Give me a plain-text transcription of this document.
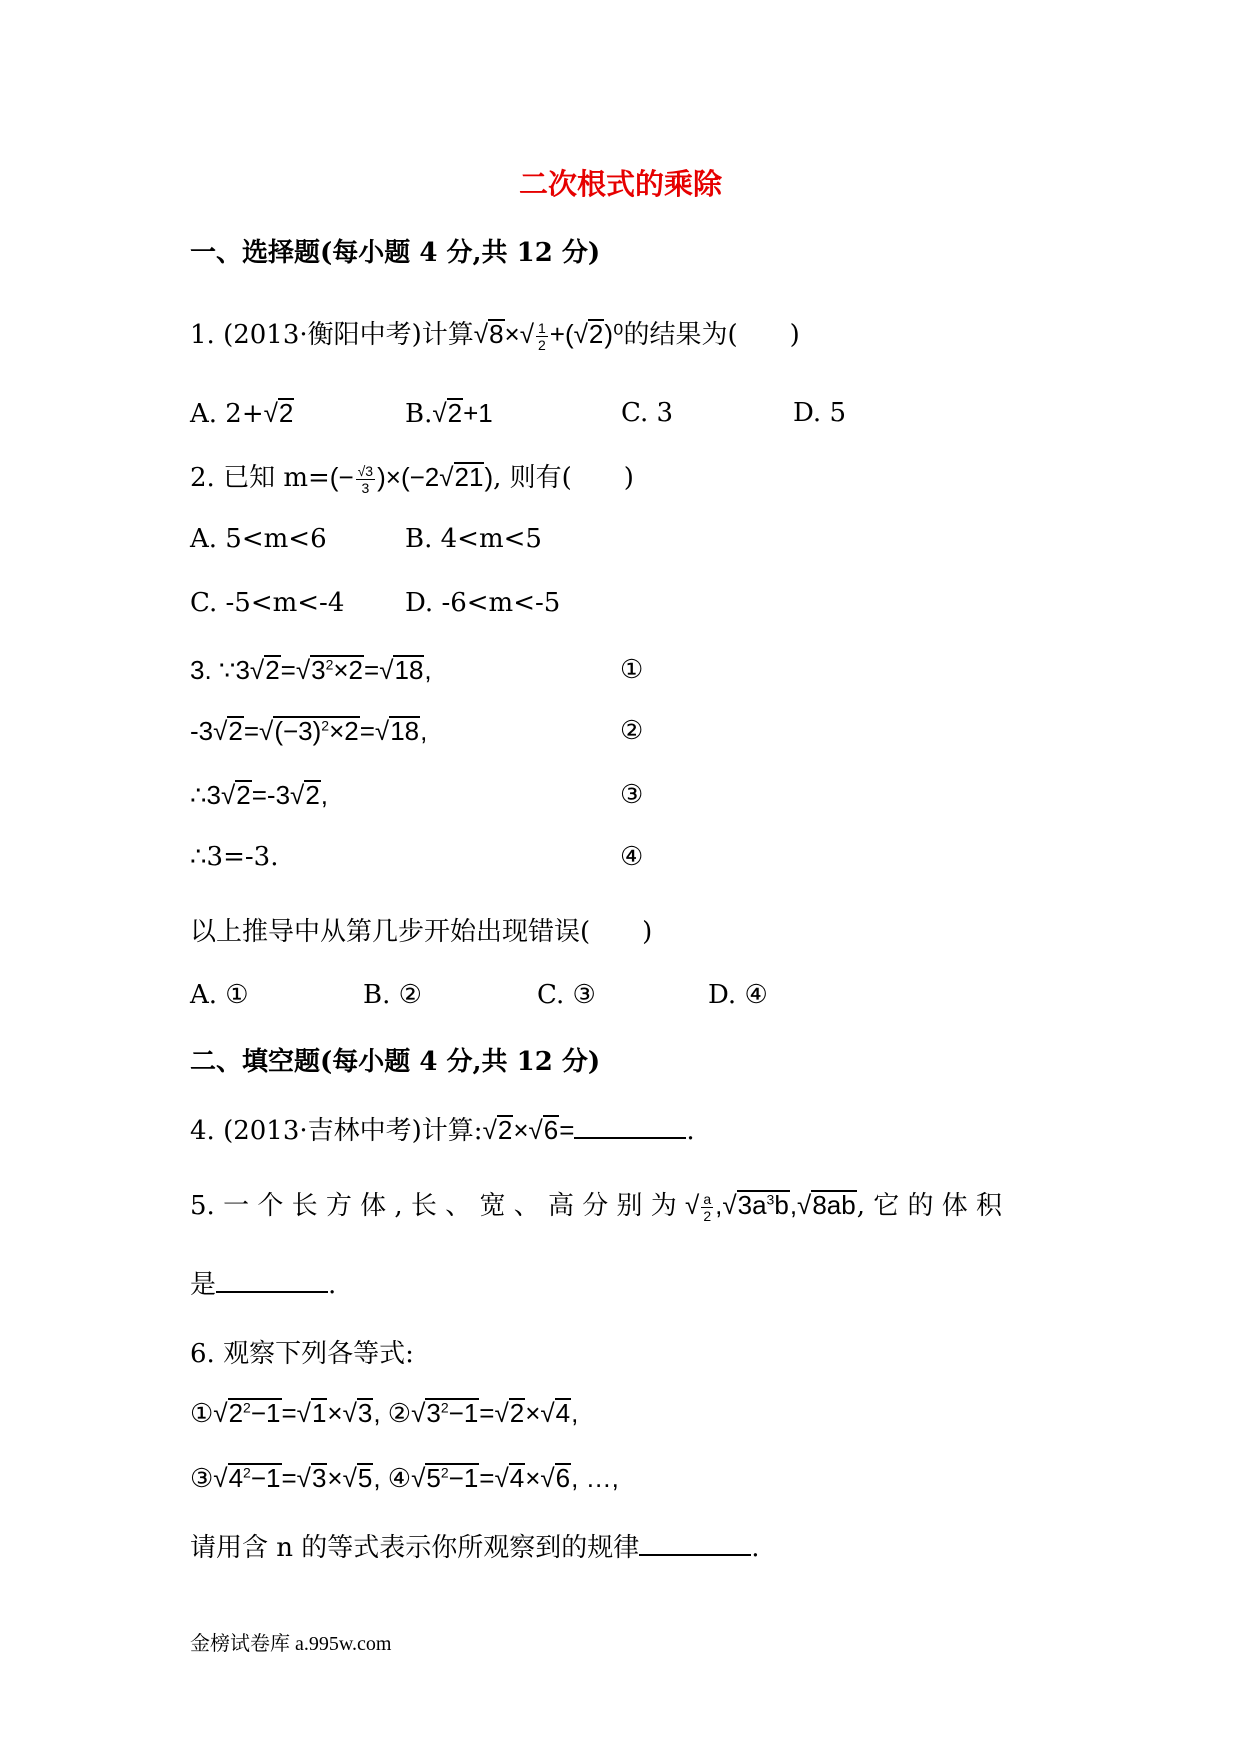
二次根式的乘除
一、选择题(每小题 4 分,共 12 分)
1. (2013·衡阳中考)计算$√8\times√ \frac{1}{2} +(√2)^0$的结果为(　　)
A. 2+√2	B.√2+1	C. 3	D. 5
2. 已知 $m=(- \frac{√3}{3} )\times(-2√21)$, 则有(　　)
A. 5<m<6	B. 4<m<5
C. -5<m<-4 D. -6<m<-5
3. $\because 3√2=√3^2\times 2=√18$,	①
$-3√2=√(-3)^2\times 2=√18$,	②
∴3√2=-3√2,	③
∴3=-3.	④
以上推导中从第几步开始出现错误(　　)
A. ①	B. ②	C. ③	D. ④
二、填空题(每小题 4 分,共 12 分)
4. (2013·吉林中考)计算:√2×√6=	.
5. 一 个 长 方 体 , 长 、 宽 、 高 分 别 为 √ $\frac{a}{2} ,√3a^3b,√8ab$, 它 的 体 积
是	.
6. 观察下列各等式:
$①√2^2-1=√1\times√3$, $②√3^2-1=√2\times√4$,
$③√4^2-1=√3\times√5$, $④√5^2-1=√4\times√6$, …,
请用含 n 的等式表示你所观察到的规律	.
金榜试卷库 a.995w.com
